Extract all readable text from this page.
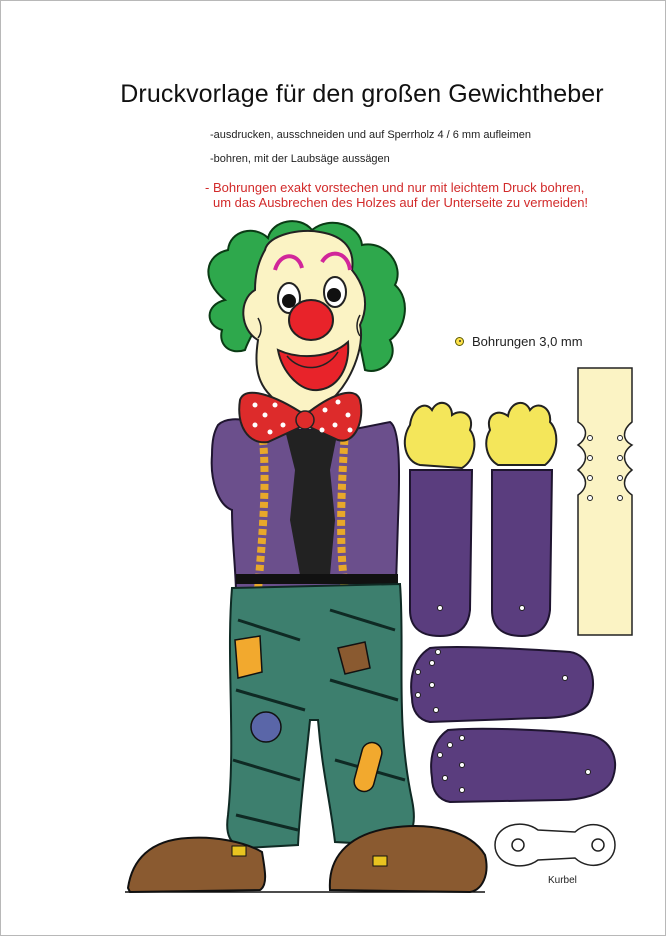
Druckvorlage für den großen Gewichtheber
-ausdrucken, ausschneiden und auf Sperrholz 4 / 6 mm aufleimen
-bohren, mit der Laubsäge aussägen
- Bohrungen exakt vorstechen und nur mit leichtem Druck bohren,
um das Ausbrechen des Holzes auf der Unterseite zu vermeiden!
Bohrungen 3,0 mm
Kurbel
